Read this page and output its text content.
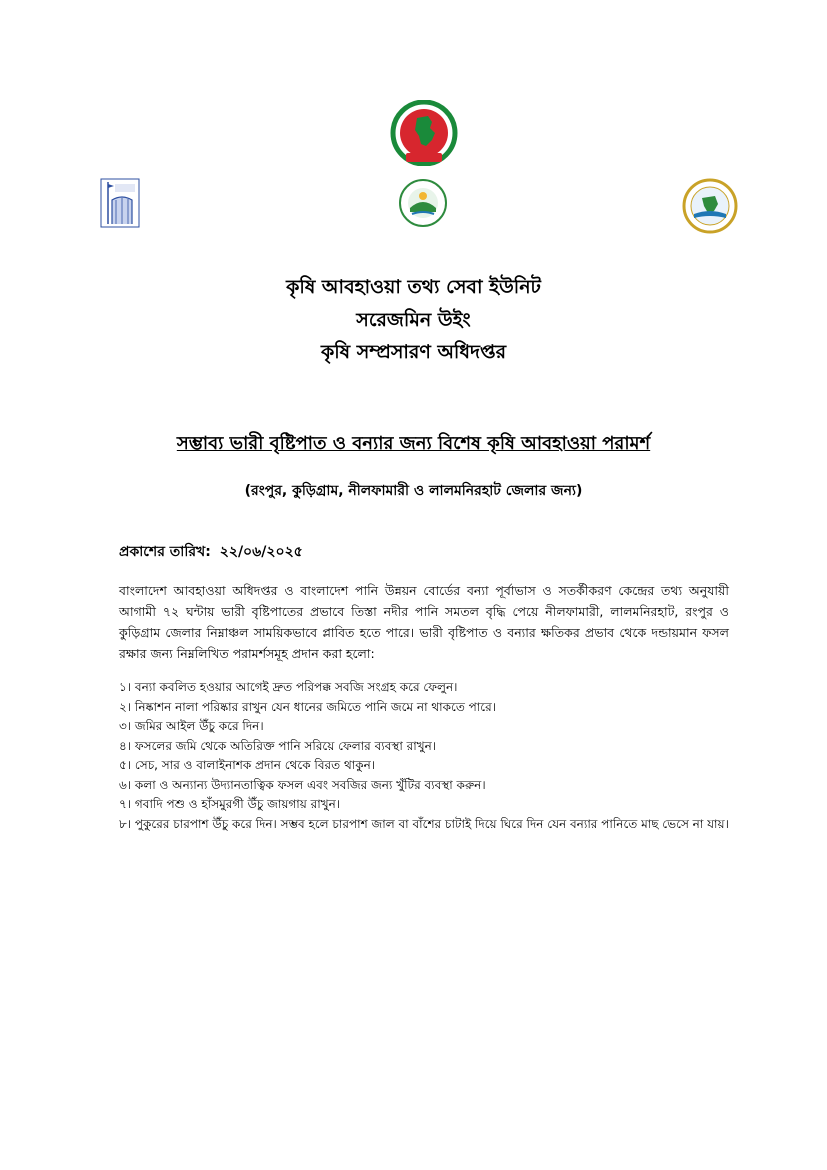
কৃষি আবহাওয়া তথ্য সেবা ইউনিট
সরেজমিন উইং
কৃষি সম্প্রসারণ অধিদপ্তর
সম্ভাব্য ভারী বৃষ্টিপাত ও বন্যার জন্য বিশেষ কৃষি আবহাওয়া পরামর্শ
(রংপুর, কুড়িগ্রাম, নীলফামারী ও লালমনিরহাট জেলার জন্য)
প্রকাশের তারিখ: ২২/০৬/২০২৫

বাংলাদেশ আবহাওয়া অধিদপ্তর ও বাংলাদেশ পানি উন্নয়ন বোর্ডের বন্যা পূর্বাভাস ও সতর্কীকরণ কেন্দ্রের তথ্য অনুযায়ী আগামী ৭২ ঘন্টায় ভারী বৃষ্টিপাতের প্রভাবে তিস্তা নদীর পানি সমতল বৃদ্ধি পেয়ে নীলফামারী, লালমনিরহাট, রংপুর ও কুড়িগ্রাম জেলার নিম্নাঞ্চল সাময়িকভাবে প্লাবিত হতে পারে। ভারী বৃষ্টিপাত ও বন্যার ক্ষতিকর প্রভাব থেকে দন্ডায়মান ফসল রক্ষার জন্য নিম্নলিখিত পরামর্শসমূহ প্রদান করা হলো:

১। বন্যা কবলিত হওয়ার আগেই দ্রুত পরিপক্ক সবজি সংগ্রহ করে ফেলুন।
২। নিষ্কাশন নালা পরিষ্কার রাখুন যেন ধানের জমিতে পানি জমে না থাকতে পারে।
৩। জমির আইল উঁচু করে দিন।
৪। ফসলের জমি থেকে অতিরিক্ত পানি সরিয়ে ফেলার ব্যবস্থা রাখুন।
৫। সেচ, সার ও বালাইনাশক প্রদান থেকে বিরত থাকুন।
৬। কলা ও অন্যান্য উদ্যানতাত্বিক ফসল এবং সবজির জন্য খুঁটির ব্যবস্থা করুন।
৭। গবাদি পশু ও হাঁসমুরগী উঁচু জায়গায় রাখুন।
৮। পুকুরের চারপাশ উঁচু করে দিন। সম্ভব হলে চারপাশ জাল বা বাঁশের চাটাই দিয়ে ঘিরে দিন যেন বন্যার পানিতে মাছ ভেসে না যায়।
